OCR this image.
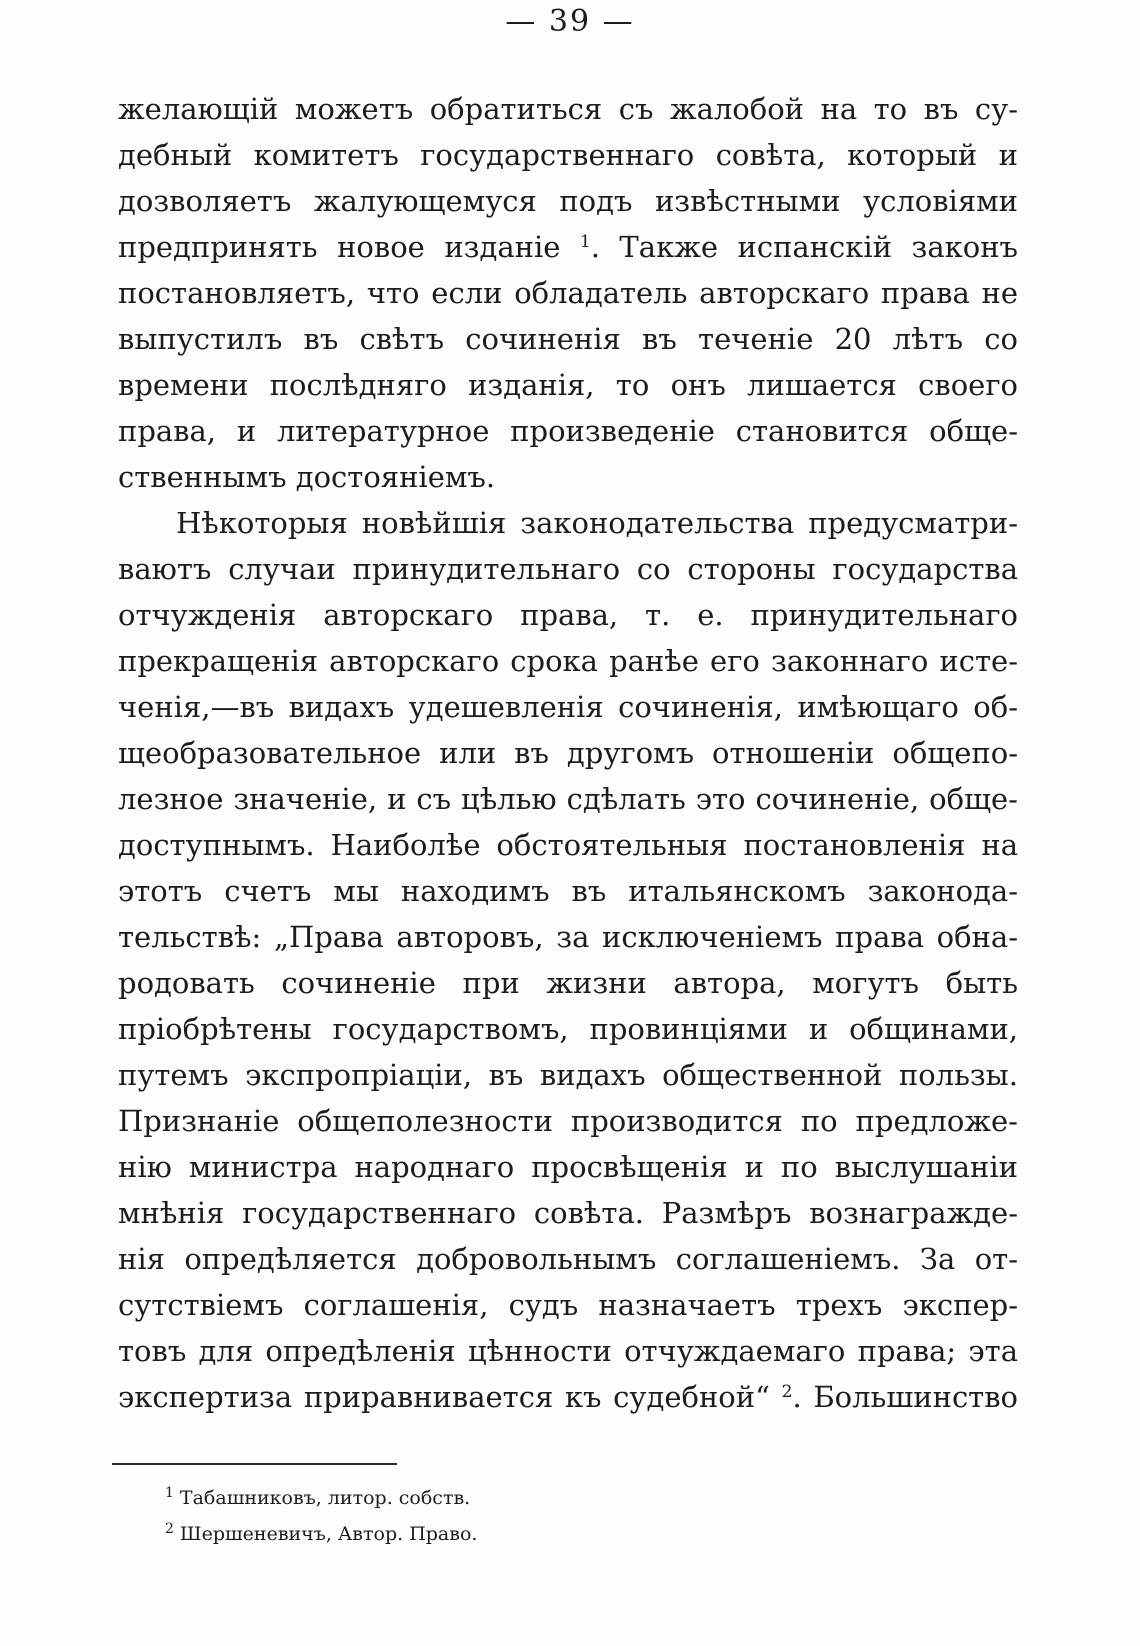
— 39 —
желающій можетъ обратиться съ жалобой на то въ су-
дебный комитетъ государственнаго совѣта, который и
дозволяетъ жалующемуся подъ извѣстными условіями
предпринять новое изданіе $^1$. Также испанскій законъ
постановляетъ, что если обладатель авторскаго права не
выпустилъ въ свѣтъ сочиненія въ теченіе 20 лѣтъ со
времени послѣдняго изданія, то онъ лишается своего
права, и литературное произведеніе становится обще-
ственнымъ достояніемъ.
Нѣкоторыя новѣйшія законодательства предусматри-
ваютъ случаи принудительнаго со стороны государства
отчужденія авторскаго права, т. е. принудительнаго
прекращенія авторскаго срока ранѣе его законнаго исте-
ченія,—въ видахъ удешевленія сочиненія, имѣющаго об-
щеобразовательное или въ другомъ отношеніи общепо-
лезное значеніе, и съ цѣлью сдѣлать это сочиненіе, обще-
доступнымъ. Наиболѣе обстоятельныя постановленія на
этотъ счетъ мы находимъ въ итальянскомъ законода-
тельствѣ: „Права авторовъ, за исключеніемъ права обна-
родовать сочиненіе при жизни автора, могутъ быть
пріобрѣтены государствомъ, провинціями и общинами,
путемъ экспропріаціи, въ видахъ общественной пользы.
Признаніе общеполезности производится по предложе-
нію министра народнаго просвѣщенія и по выслушаніи
мнѣнія государственнаго совѣта. Размѣръ вознагражде-
нія опредѣляется добровольнымъ соглашеніемъ. За от-
сутствіемъ соглашенія, судъ назначаетъ трехъ экспер-
товъ для опредѣленія цѣнности отчуждаемаго права; эта
экспертиза приравнивается къ судебной“ $^2$. Большинство
$^1$ Табашниковъ, литор. собств.
$^2$ Шершеневичъ, Автор. Право.
